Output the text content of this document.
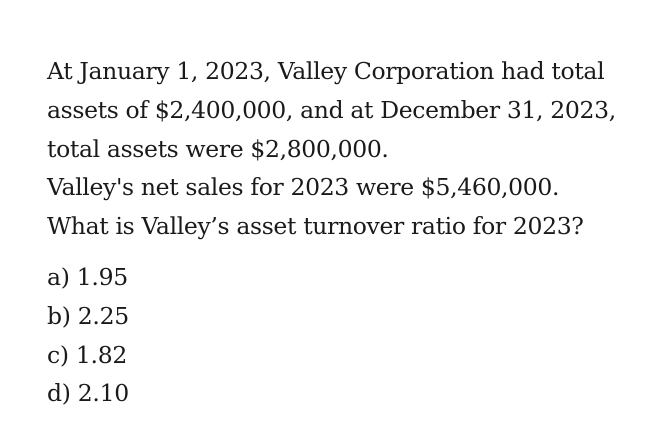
At January 1, 2023, Valley Corporation had total
assets of $2,400,000, and at December 31, 2023,
total assets were $2,800,000.
Valley's net sales for 2023 were $5,460,000.
What is Valley’s asset turnover ratio for 2023?
a) 1.95
b) 2.25
c) 1.82
d) 2.10
